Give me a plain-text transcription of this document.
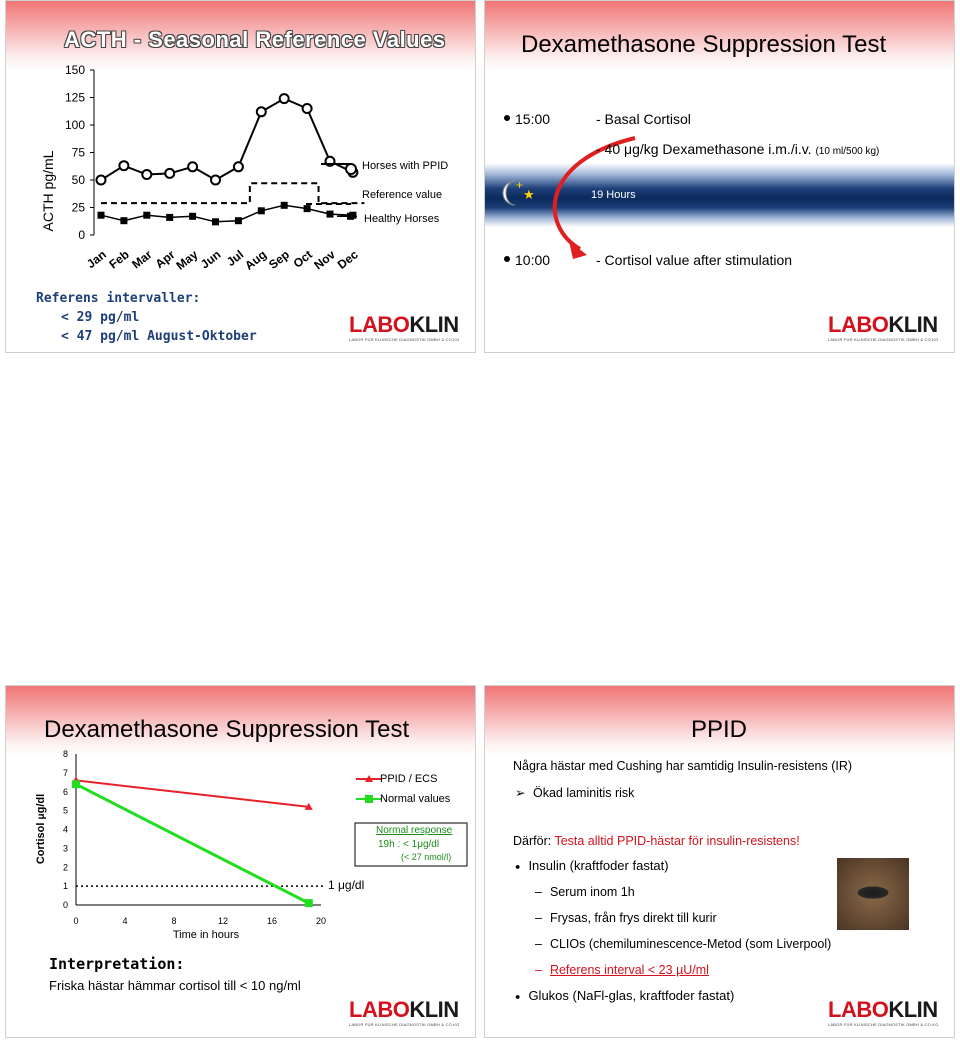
ACTH - Seasonal Reference Values
ACTH pg/mL
0
25
50
75
100
125
150
Jan
Feb
Mar
Apr
May
Jun Jul
Aug
Sep
Oct
Nov
Dec
Horses with PPID
Reference value
Healthy Horses
Referens intervaller:
< 29 pg/ml
< 47 pg/ml August-Oktober	LABOKLIN
LABOR FÜR KLINISCHE DIAGNOSTIK GMBH & CO.KG
Dexamethasone Suppression Test
★
+
15:00	- Basal Cortisol
- 40 μg/kg Dexamethasone i.m./i.v. (10 ml/500 kg)
19 Hours
10:00	- Cortisol value after stimulation
LABOKLIN
LABOR FÜR KLINISCHE DIAGNOSTIK GMBH & CO.KG
Dexamethasone Suppression Test
Cortisol μg/dl
0
1
2
3
4
5
6
7
8
0	4	8	12	16	20
Time in hours
1 μg/dl
PPID / ECS
Normal values
Normal response
19h : < 1μg/dl
(< 27 nmol/l)
Interpretation:
Friska hästar hämmar cortisol till < 10 ng/ml
LABOKLIN
LABOR FÜR KLINISCHE DIAGNOSTIK GMBH & CO.KG
PPID
Några hästar med Cushing har samtidig Insulin-resistens (IR)
➢ Ökad laminitis risk
Därför: Testa alltid PPID-hästar för insulin-resistens!
● Insulin (kraftfoder fastat)
– Serum inom 1h
– Frysas, från frys direkt till kurir
– CLIOs (chemiluminescence-Metod (som Liverpool)
– Referens interval < 23 µU/ml
● Glukos (NaFl-glas, kraftfoder fastat)
LABOKLIN
LABOR FÜR KLINISCHE DIAGNOSTIK GMBH & CO.KG
